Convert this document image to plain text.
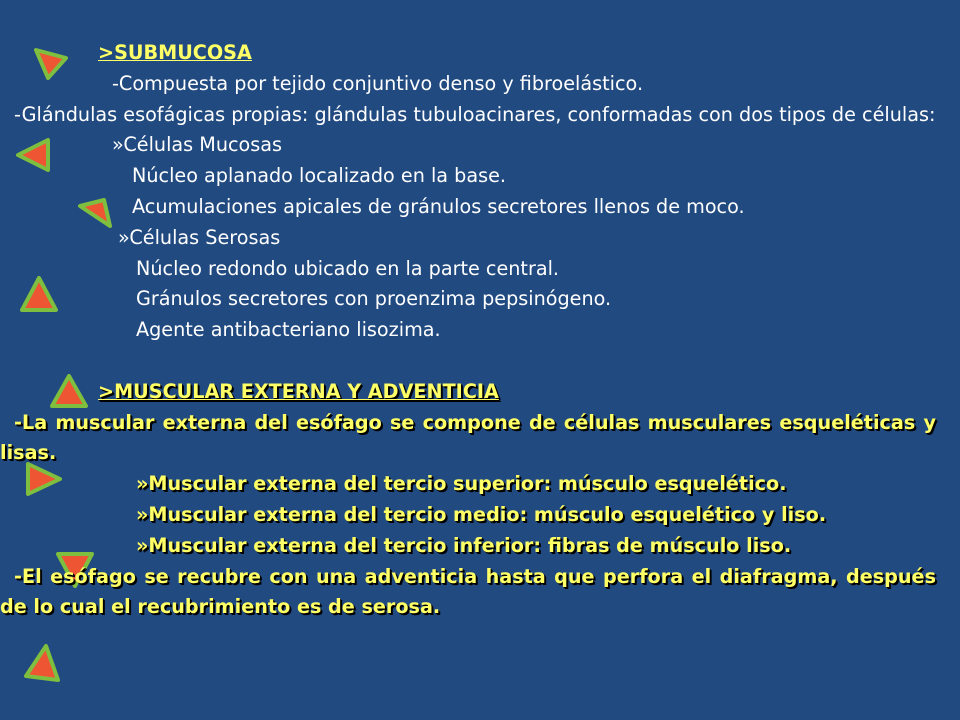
>SUBMUCOSA
-Compuesta por tejido conjuntivo denso y fibroelástico.
-Glándulas esofágicas propias: glándulas tubuloacinares, conformadas con dos tipos de células:
»Células Mucosas
Núcleo aplanado localizado en la base.
Acumulaciones apicales de gránulos secretores llenos de moco.
»Células Serosas
Núcleo redondo ubicado en la parte central.
Gránulos secretores con proenzima pepsinógeno.
Agente antibacteriano lisozima.
>MUSCULAR EXTERNA Y ADVENTICIA
-La muscular externa del esófago se compone de células musculares esqueléticas y lisas.
»Muscular externa del tercio superior: músculo esquelético.
»Muscular externa del tercio medio: músculo esquelético y liso.
»Muscular externa del tercio inferior: fibras de músculo liso.
-El esófago se recubre con una adventicia hasta que perfora el diafragma, después de lo cual el recubrimiento es de serosa.
